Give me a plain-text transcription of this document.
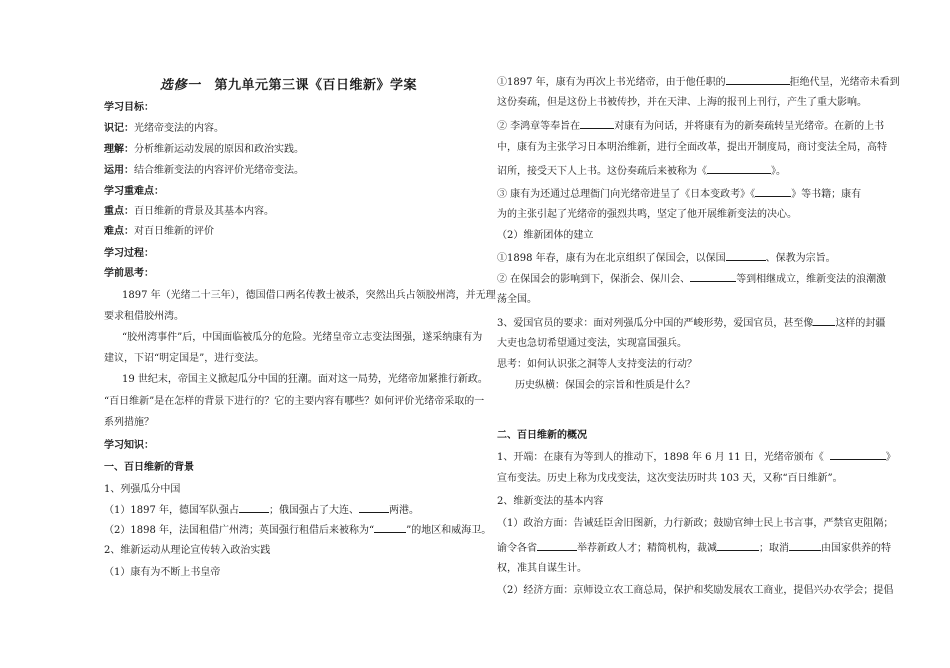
选修一 第九单元第三课《百日维新》学案
学习目标：
识记：光绪帝变法的内容。
理解：分析维新运动发展的原因和政治实践。
运用：结合维新变法的内容评价光绪帝变法。
学习重难点：
重点：百日维新的背景及其基本内容。
难点：对百日维新的评价
学习过程：
学前思考：
1897 年（光绪二十三年），德国借口两名传教士被杀，突然出兵占领胶州湾，并无理
要求租借胶州湾。
“胶州湾事件”后，中国面临被瓜分的危险。光绪皇帝立志变法图强，遂采纳康有为
建议，下诏“明定国是”，进行变法。
19 世纪末，帝国主义掀起瓜分中国的狂潮。面对这一局势，光绪帝加紧推行新政。
“百日维新”是在怎样的背景下进行的？它的主要内容有哪些？如何评价光绪帝采取的一
系列措施？
学习知识：
一、百日维新的背景
1、列强瓜分中国
（1）1897 年，德国军队强占	；俄国强占了大连、	两港。
（2）1898 年，法国租借广州湾；英国强行租借后来被称为“	”的地区和威海卫。
2、维新运动从理论宣传转入政治实践
（1）康有为不断上书皇帝
①1897 年，康有为再次上书光绪帝，由于他任职的	拒绝代呈，光绪帝未看到
这份奏疏，但是这份上书被传抄，并在天津、上海的报刊上刊行，产生了重大影响。
② 李鸿章等奉旨在	对康有为问话，并将康有为的新奏疏转呈光绪帝。在新的上书
中，康有为主张学习日本明治维新，进行全面改革，提出开制度局，商讨变法全局，高特
诏所，接受天下人上书。这份奏疏后来被称为《	》。
③ 康有为还通过总理衙门向光绪帝进呈了《日本变政考》《	》等书籍；康有
为的主张引起了光绪帝的强烈共鸣，坚定了他开展维新变法的决心。
（2）维新团体的建立
①1898 年春，康有为在北京组织了保国会，以保国	、保教为宗旨。
② 在保国会的影响到下，保浙会、保川会、	等到相继成立，维新变法的浪潮激
荡全国。
3、爱国官员的要求：面对列强瓜分中国的严峻形势，爱国官员，甚至像 这样的封疆
大吏也急切希望通过变法，实现富国强兵。
思考：如何认识张之洞等人支持变法的行动？
历史纵横：保国会的宗旨和性质是什么？
二、百日维新的概况
1、开端：在康有为等到人的推动下，1898 年 6 月 11 日，光绪帝颁布《	》
宣布变法。历史上称为戊戌变法，这次变法历时共 103 天，又称“百日维新”。
2、维新变法的基本内容
（1）政治方面：告诫廷臣舍旧图新，力行新政；鼓励官绅士民上书言事，严禁官吏阻隔；
谕令各省	举荐新政人才；精简机构，裁减	；取消	由国家供养的特
权，准其自谋生计。
（2）经济方面：京师设立农工商总局，保护和奖励发展农工商业，提倡兴办农学会；提倡
